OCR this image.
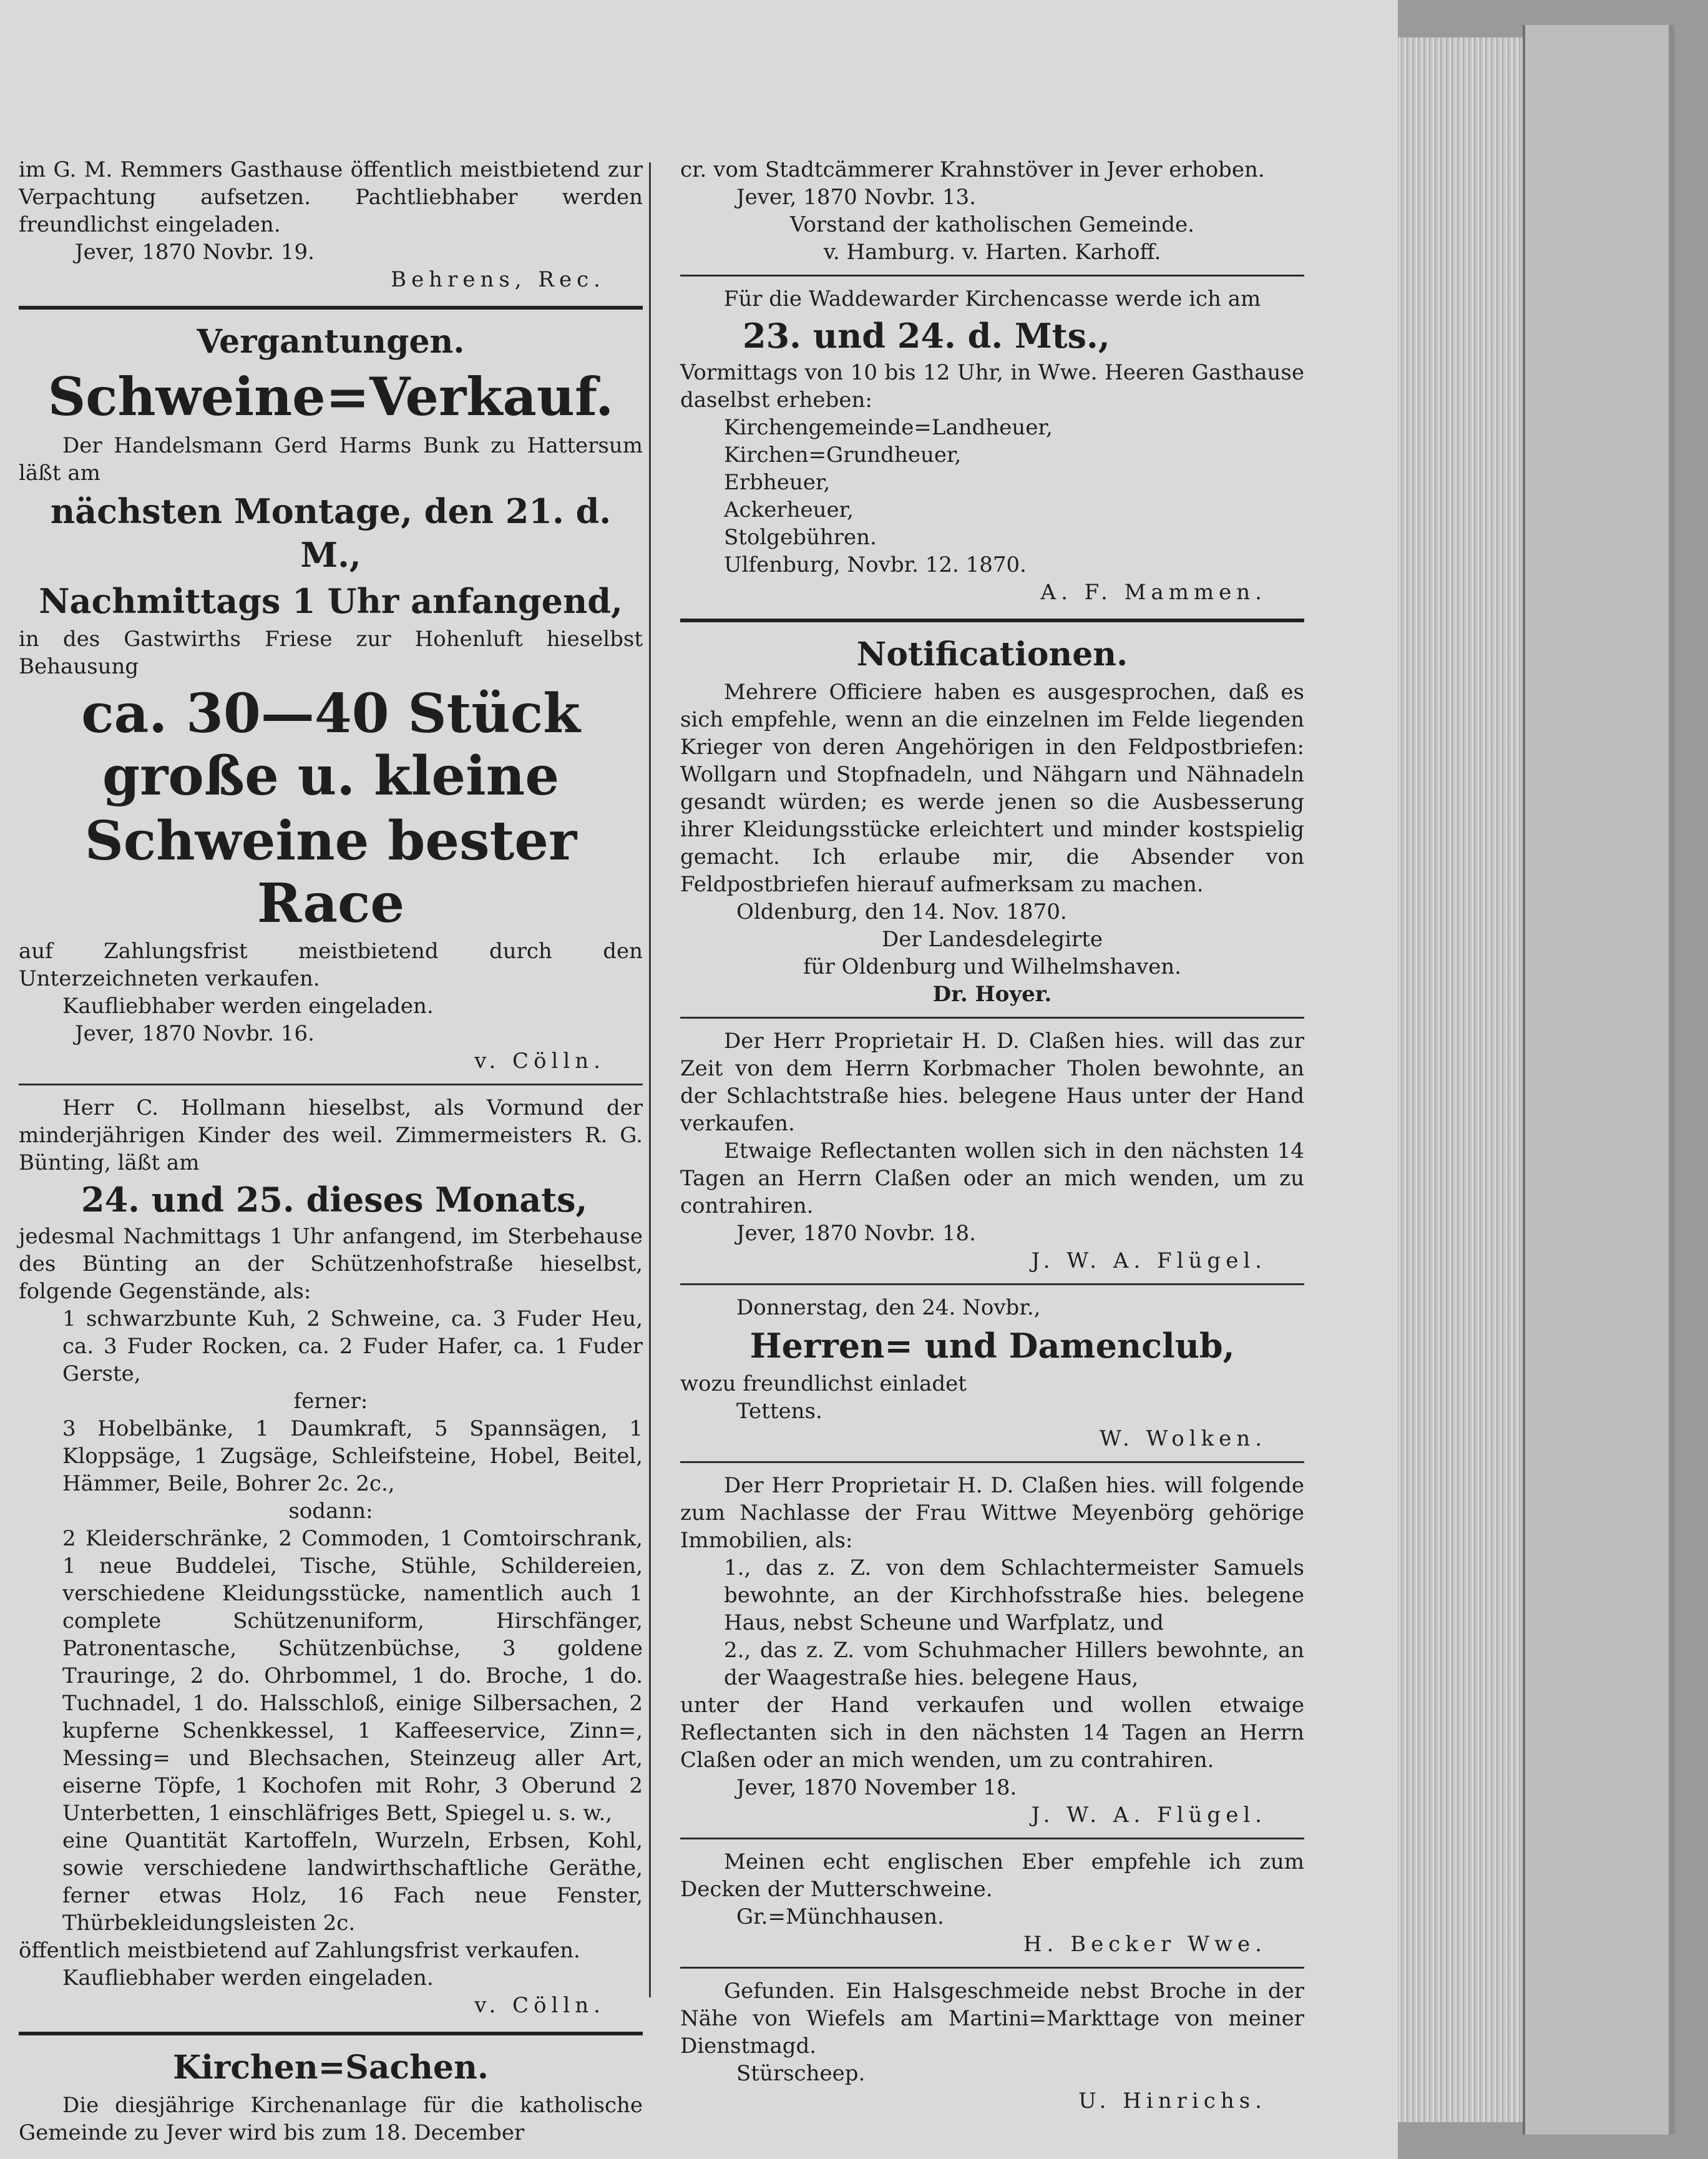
im G. M. Remmers Gasthause öffentlich meistbietend zur Verpachtung aufsetzen. Pachtliebhaber werden freundlichst eingeladen.

Jever, 1870 Novbr. 19.

Behrens, Rec.

Vergantungen.
Schweine=Verkauf.

Der Handelsmann Gerd Harms Bunk zu Hattersum läßt am

nächsten Montage, den 21. d. M.,
Nachmittags 1 Uhr anfangend,

in des Gastwirths Friese zur Hohenluft hieselbst Behausung

ca. 30—40 Stück große u. kleine
Schweine bester Race

auf Zahlungsfrist meistbietend durch den Unterzeichneten verkaufen.

Kaufliebhaber werden eingeladen.

Jever, 1870 Novbr. 16.

v. Cölln.

Herr C. Hollmann hieselbst, als Vormund der minderjährigen Kinder des weil. Zimmermeisters R. G. Bünting, läßt am

24. und 25. dieses Monats,

jedesmal Nachmittags 1 Uhr anfangend, im Sterbehause des Bünting an der Schützenhofstraße hieselbst, folgende Gegenstände, als:

1 schwarzbunte Kuh, 2 Schweine, ca. 3 Fuder Heu, ca. 3 Fuder Rocken, ca. 2 Fuder Hafer, ca. 1 Fuder Gerste,

ferner:

3 Hobelbänke, 1 Daumkraft, 5 Spannsägen, 1 Kloppsäge, 1 Zugsäge, Schleifsteine, Hobel, Beitel, Hämmer, Beile, Bohrer 2c. 2c.,

sodann:

2 Kleiderschränke, 2 Commoden, 1 Comtoirschrank, 1 neue Buddelei, Tische, Stühle, Schildereien, verschiedene Kleidungsstücke, namentlich auch 1 complete Schützenuniform, Hirschfänger, Patronentasche, Schützenbüchse, 3 goldene Trauringe, 2 do. Ohrbommel, 1 do. Broche, 1 do. Tuchnadel, 1 do. Halsschloß, einige Silbersachen, 2 kupferne Schenkkessel, 1 Kaffeeservice, Zinn=, Messing= und Blechsachen, Steinzeug aller Art, eiserne Töpfe, 1 Kochofen mit Rohr, 3 Oberund 2 Unterbetten, 1 einschläfriges Bett, Spiegel u. s. w.,

eine Quantität Kartoffeln, Wurzeln, Erbsen, Kohl, sowie verschiedene landwirthschaftliche Geräthe, ferner etwas Holz, 16 Fach neue Fenster, Thürbekleidungsleisten 2c.

öffentlich meistbietend auf Zahlungsfrist verkaufen.

Kaufliebhaber werden eingeladen.

v. Cölln.

Kirchen=Sachen.

Die diesjährige Kirchenanlage für die katholische Gemeinde zu Jever wird bis zum 18. December

cr. vom Stadtcämmerer Krahnstöver in Jever erhoben.

Jever, 1870 Novbr. 13.

Vorstand der katholischen Gemeinde.

v. Hamburg. v. Harten. Karhoff.

Für die Waddewarder Kirchencasse werde ich am

23. und 24. d. Mts.,

Vormittags von 10 bis 12 Uhr, in Wwe. Heeren Gasthause daselbst erheben:

Kirchengemeinde=Landheuer,

Kirchen=Grundheuer,

Erbheuer,

Ackerheuer,

Stolgebühren.

Ulfenburg, Novbr. 12. 1870.

A. F. Mammen.

Notificationen.

Mehrere Officiere haben es ausgesprochen, daß es sich empfehle, wenn an die einzelnen im Felde liegenden Krieger von deren Angehörigen in den Feldpostbriefen: Wollgarn und Stopfnadeln, und Nähgarn und Nähnadeln gesandt würden; es werde jenen so die Ausbesserung ihrer Kleidungsstücke erleichtert und minder kostspielig gemacht. Ich erlaube mir, die Absender von Feldpostbriefen hierauf aufmerksam zu machen.

Oldenburg, den 14. Nov. 1870.

Der Landesdelegirte

für Oldenburg und Wilhelmshaven.

Dr. Hoyer.

Der Herr Proprietair H. D. Claßen hies. will das zur Zeit von dem Herrn Korbmacher Tholen bewohnte, an der Schlachtstraße hies. belegene Haus unter der Hand verkaufen.

Etwaige Reflectanten wollen sich in den nächsten 14 Tagen an Herrn Claßen oder an mich wenden, um zu contrahiren.

Jever, 1870 Novbr. 18.

J. W. A. Flügel.

Donnerstag, den 24. Novbr.,

Herren= und Damenclub,

wozu freundlichst einladet

Tettens.

W. Wolken.

Der Herr Proprietair H. D. Claßen hies. will folgende zum Nachlasse der Frau Wittwe Meyenbörg gehörige Immobilien, als:

1., das z. Z. von dem Schlachtermeister Samuels bewohnte, an der Kirchhofsstraße hies. belegene Haus, nebst Scheune und Warfplatz, und

2., das z. Z. vom Schuhmacher Hillers bewohnte, an der Waagestraße hies. belegene Haus,

unter der Hand verkaufen und wollen etwaige Reflectanten sich in den nächsten 14 Tagen an Herrn Claßen oder an mich wenden, um zu contrahiren.

Jever, 1870 November 18.

J. W. A. Flügel.

Meinen echt englischen Eber empfehle ich zum Decken der Mutterschweine.

Gr.=Münchhausen.

H. Becker Wwe.

Gefunden. Ein Halsgeschmeide nebst Broche in der Nähe von Wiefels am Martini=Markttage von meiner Dienstmagd.

Stürscheep.

U. Hinrichs.
